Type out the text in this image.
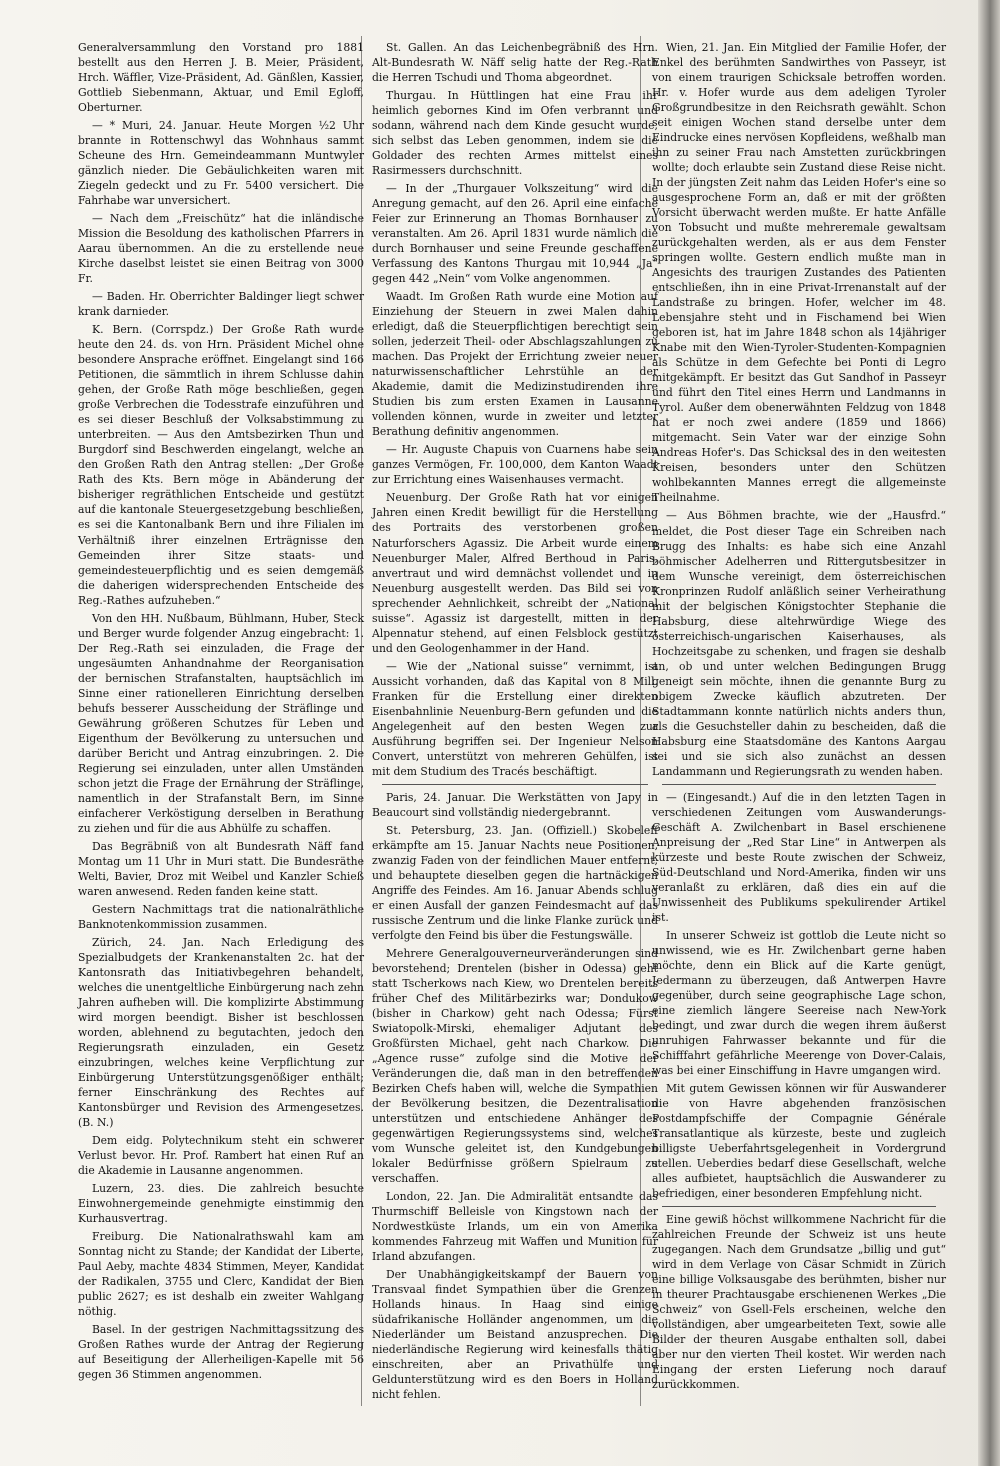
Generalversammlung den Vorstand pro 1881 bestellt aus den Herren J. B. Meier, Präsident, Hrch. Wäffler, Vize-Präsident, Ad. Gänßlen, Kassier, Gottlieb Siebenmann, Aktuar, und Emil Egloff, Oberturner.

— * Muri, 24. Januar. Heute Morgen ½2 Uhr brannte in Rottenschwyl das Wohnhaus sammt Scheune des Hrn. Gemeindeammann Muntwyler gänzlich nieder. Die Gebäulichkeiten waren mit Ziegeln gedeckt und zu Fr. 5400 versichert. Die Fahrhabe war unversichert.

— Nach dem „Freischütz“ hat die inländische Mission die Besoldung des katholischen Pfarrers in Aarau übernommen. An die zu erstellende neue Kirche daselbst leistet sie einen Beitrag von 3000 Fr.

— Baden. Hr. Oberrichter Baldinger liegt schwer krank darnieder.

K. Bern. (Corrspdz.) Der Große Rath wurde heute den 24. ds. von Hrn. Präsident Michel ohne besondere Ansprache eröffnet. Eingelangt sind 166 Petitionen, die sämmtlich in ihrem Schlusse dahin gehen, der Große Rath möge beschließen, gegen große Verbrechen die Todesstrafe einzuführen und es sei dieser Beschluß der Volksabstimmung zu unterbreiten. — Aus den Amtsbezirken Thun und Burgdorf sind Beschwerden eingelangt, welche an den Großen Rath den Antrag stellen: „Der Große Rath des Kts. Bern möge in Abänderung der bisheriger regräthlichen Entscheide und gestützt auf die kantonale Steuergesetzgebung beschließen, es sei die Kantonalbank Bern und ihre Filialen im Verhältniß ihrer einzelnen Erträgnisse den Gemeinden ihrer Sitze staats- und gemeindesteuerpflichtig und es seien demgemäß die daherigen widersprechenden Entscheide des Reg.-Rathes aufzuheben.“

Von den HH. Nußbaum, Bühlmann, Huber, Steck und Berger wurde folgender Anzug eingebracht: 1. Der Reg.-Rath sei einzuladen, die Frage der ungesäumten Anhandnahme der Reorganisation der bernischen Strafanstalten, hauptsächlich im Sinne einer rationelleren Einrichtung derselben behufs besserer Ausscheidung der Sträflinge und Gewährung größeren Schutzes für Leben und Eigenthum der Bevölkerung zu untersuchen und darüber Bericht und Antrag einzubringen. 2. Die Regierung sei einzuladen, unter allen Umständen schon jetzt die Frage der Ernährung der Sträflinge, namentlich in der Strafanstalt Bern, im Sinne einfacherer Verköstigung derselben in Berathung zu ziehen und für die aus Abhülfe zu schaffen.

Das Begräbniß von alt Bundesrath Näff fand Montag um 11 Uhr in Muri statt. Die Bundesräthe Welti, Bavier, Droz mit Weibel und Kanzler Schieß waren anwesend. Reden fanden keine statt.

Gestern Nachmittags trat die nationalräthliche Banknotenkommission zusammen.

Zürich, 24. Jan. Nach Erledigung des Spezialbudgets der Krankenanstalten 2c. hat der Kantonsrath das Initiativbegehren behandelt, welches die unentgeltliche Einbürgerung nach zehn Jahren aufheben will. Die komplizirte Abstimmung wird morgen beendigt. Bisher ist beschlossen worden, ablehnend zu begutachten, jedoch den Regierungsrath einzuladen, ein Gesetz einzubringen, welches keine Verpflichtung zur Einbürgerung Unterstützungsgenößiger enthält; ferner Einschränkung des Rechtes auf Kantonsbürger und Revision des Armengesetzes. (B. N.)

Dem eidg. Polytechnikum steht ein schwerer Verlust bevor. Hr. Prof. Rambert hat einen Ruf an die Akademie in Lausanne angenommen.

Luzern, 23. dies. Die zahlreich besuchte Einwohnergemeinde genehmigte einstimmig den Kurhausvertrag.

Freiburg. Die Nationalrathswahl kam am Sonntag nicht zu Stande; der Kandidat der Liberte, Paul Aeby, machte 4834 Stimmen, Meyer, Kandidat der Radikalen, 3755 und Clerc, Kandidat der Bien public 2627; es ist deshalb ein zweiter Wahlgang nöthig.

Basel. In der gestrigen Nachmittagssitzung des Großen Rathes wurde der Antrag der Regierung auf Beseitigung der Allerheiligen-Kapelle mit 56 gegen 36 Stimmen angenommen.

St. Gallen. An das Leichenbegräbniß des Hrn. Alt-Bundesrath W. Näff selig hatte der Reg.-Rath die Herren Tschudi und Thoma abgeordnet.

Thurgau. In Hüttlingen hat eine Frau ihr heimlich gebornes Kind im Ofen verbrannt und sodann, während nach dem Kinde gesucht wurde, sich selbst das Leben genommen, indem sie die Goldader des rechten Armes mittelst eines Rasirmessers durchschnitt.

— In der „Thurgauer Volkszeitung“ wird die Anregung gemacht, auf den 26. April eine einfache Feier zur Erinnerung an Thomas Bornhauser zu veranstalten. Am 26. April 1831 wurde nämlich die durch Bornhauser und seine Freunde geschaffene Verfassung des Kantons Thurgau mit 10,944 „Ja“ gegen 442 „Nein“ vom Volke angenommen.

Waadt. Im Großen Rath wurde eine Motion auf Einziehung der Steuern in zwei Malen dahin erledigt, daß die Steuerpflichtigen berechtigt sein sollen, jederzeit Theil- oder Abschlagszahlungen zu machen. Das Projekt der Errichtung zweier neuer naturwissenschaftlicher Lehrstühle an der Akademie, damit die Medizinstudirenden ihre Studien bis zum ersten Examen in Lausanne vollenden können, wurde in zweiter und letzter Berathung definitiv angenommen.

— Hr. Auguste Chapuis von Cuarnens habe sein ganzes Vermögen, Fr. 100,000, dem Kanton Waadt zur Errichtung eines Waisenhauses vermacht.

Neuenburg. Der Große Rath hat vor einigen Jahren einen Kredit bewilligt für die Herstellung des Portraits des verstorbenen großen Naturforschers Agassiz. Die Arbeit wurde einem Neuenburger Maler, Alfred Berthoud in Paris, anvertraut und wird demnächst vollendet und in Neuenburg ausgestellt werden. Das Bild sei von sprechender Aehnlichkeit, schreibt der „National suisse“. Agassiz ist dargestellt, mitten in der Alpennatur stehend, auf einen Felsblock gestützt und den Geologenhammer in der Hand.

— Wie der „National suisse“ vernimmt, ist Aussicht vorhanden, daß das Kapital von 8 Mill. Franken für die Erstellung einer direkten Eisenbahnlinie Neuenburg-Bern gefunden und die Angelegenheit auf den besten Wegen zur Ausführung begriffen sei. Der Ingenieur Nelson Convert, unterstützt von mehreren Gehülfen, ist mit dem Studium des Tracés beschäftigt.

Paris, 24. Januar. Die Werkstätten von Japy in Beaucourt sind vollständig niedergebrannt.

St. Petersburg, 23. Jan. (Offiziell.) Skobeleff erkämpfte am 15. Januar Nachts neue Positionen, zwanzig Faden von der feindlichen Mauer entfernt, und behauptete dieselben gegen die hartnäckigen Angriffe des Feindes. Am 16. Januar Abends schlug er einen Ausfall der ganzen Feindesmacht auf das russische Zentrum und die linke Flanke zurück und verfolgte den Feind bis über die Festungswälle.

Mehrere Generalgouverneurveränderungen sind bevorstehend; Drentelen (bisher in Odessa) geht statt Tscherkows nach Kiew, wo Drentelen bereits früher Chef des Militärbezirks war; Dondukow (bisher in Charkow) geht nach Odessa; Fürst Swiatopolk-Mirski, ehemaliger Adjutant des Großfürsten Michael, geht nach Charkow. Die „Agence russe“ zufolge sind die Motive der Veränderungen die, daß man in den betreffenden Bezirken Chefs haben will, welche die Sympathien der Bevölkerung besitzen, die Dezentralisation unterstützen und entschiedene Anhänger des gegenwärtigen Regierungssystems sind, welches vom Wunsche geleitet ist, den Kundgebungen lokaler Bedürfnisse größern Spielraum zu verschaffen.

London, 22. Jan. Die Admiralität entsandte das Thurmschiff Belleisle von Kingstown nach der Nordwestküste Irlands, um ein von Amerika kommendes Fahrzeug mit Waffen und Munition für Irland abzufangen.

Der Unabhängigkeitskampf der Bauern von Transvaal findet Sympathien über die Grenzen Hollands hinaus. In Haag sind einige südafrikanische Holländer angenommen, um die Niederländer um Beistand anzusprechen. Die niederländische Regierung wird keinesfalls thätig einschreiten, aber an Privathülfe und Geldunterstützung wird es den Boers in Holland nicht fehlen.

Wien, 21. Jan. Ein Mitglied der Familie Hofer, der Enkel des berühmten Sandwirthes von Passeyr, ist von einem traurigen Schicksale betroffen worden. Hr. v. Hofer wurde aus dem adeligen Tyroler Großgrundbesitze in den Reichsrath gewählt. Schon seit einigen Wochen stand derselbe unter dem Eindrucke eines nervösen Kopfleidens, weßhalb man ihn zu seiner Frau nach Amstetten zurückbringen wollte; doch erlaubte sein Zustand diese Reise nicht. In der jüngsten Zeit nahm das Leiden Hofer's eine so ausgesprochene Form an, daß er mit der größten Vorsicht überwacht werden mußte. Er hatte Anfälle von Tobsucht und mußte mehreremale gewaltsam zurückgehalten werden, als er aus dem Fenster springen wollte. Gestern endlich mußte man in Angesichts des traurigen Zustandes des Patienten entschließen, ihn in eine Privat-Irrenanstalt auf der Landstraße zu bringen. Hofer, welcher im 48. Lebensjahre steht und in Fischamend bei Wien geboren ist, hat im Jahre 1848 schon als 14jähriger Knabe mit den Wien-Tyroler-Studenten-Kompagnien als Schütze in dem Gefechte bei Ponti di Legro mitgekämpft. Er besitzt das Gut Sandhof in Passeyr und führt den Titel eines Herrn und Landmanns in Tyrol. Außer dem obenerwähnten Feldzug von 1848 hat er noch zwei andere (1859 und 1866) mitgemacht. Sein Vater war der einzige Sohn Andreas Hofer's. Das Schicksal des in den weitesten Kreisen, besonders unter den Schützen wohlbekannten Mannes erregt die allgemeinste Theilnahme.

— Aus Böhmen brachte, wie der „Hausfrd.“ meldet, die Post dieser Tage ein Schreiben nach Brugg des Inhalts: es habe sich eine Anzahl böhmischer Adelherren und Rittergutsbesitzer in dem Wunsche vereinigt, dem österreichischen Kronprinzen Rudolf anläßlich seiner Verheirathung mit der belgischen Königstochter Stephanie die Habsburg, diese altehrwürdige Wiege des österreichisch-ungarischen Kaiserhauses, als Hochzeitsgabe zu schenken, und fragen sie deshalb an, ob und unter welchen Bedingungen Brugg geneigt sein möchte, ihnen die genannte Burg zu obigem Zwecke käuflich abzutreten. Der Stadtammann konnte natürlich nichts anders thun, als die Gesuchsteller dahin zu bescheiden, daß die Habsburg eine Staatsdomäne des Kantons Aargau sei und sie sich also zunächst an dessen Landammann und Regierungsrath zu wenden haben.

— (Eingesandt.) Auf die in den letzten Tagen in verschiedenen Zeitungen vom Auswanderungs-Geschäft A. Zwilchenbart in Basel erschienene Anpreisung der „Red Star Line“ in Antwerpen als kürzeste und beste Route zwischen der Schweiz, Süd-Deutschland und Nord-Amerika, finden wir uns veranlaßt zu erklären, daß dies ein auf die Unwissenheit des Publikums spekulirender Artikel ist.

In unserer Schweiz ist gottlob die Leute nicht so unwissend, wie es Hr. Zwilchenbart gerne haben möchte, denn ein Blick auf die Karte genügt, Jedermann zu überzeugen, daß Antwerpen Havre gegenüber, durch seine geographische Lage schon, eine ziemlich längere Seereise nach New-York bedingt, und zwar durch die wegen ihrem äußerst unruhigen Fahrwasser bekannte und für die Schifffahrt gefährliche Meerenge von Dover-Calais, was bei einer Einschiffung in Havre umgangen wird.

Mit gutem Gewissen können wir für Auswanderer die von Havre abgehenden französischen Postdampfschiffe der Compagnie Générale Transatlantique als kürzeste, beste und zugleich billigste Ueberfahrtsgelegenheit in Vordergrund stellen. Ueberdies bedarf diese Gesellschaft, welche alles aufbietet, hauptsächlich die Auswanderer zu befriedigen, einer besonderen Empfehlung nicht.

Eine gewiß höchst willkommene Nachricht für die zahlreichen Freunde der Schweiz ist uns heute zugegangen. Nach dem Grundsatze „billig und gut“ wird in dem Verlage von Cäsar Schmidt in Zürich eine billige Volksausgabe des berühmten, bisher nur in theurer Prachtausgabe erschienenen Werkes „Die Schweiz“ von Gsell-Fels erscheinen, welche den vollständigen, aber umgearbeiteten Text, sowie alle Bilder der theuren Ausgabe enthalten soll, dabei aber nur den vierten Theil kostet. Wir werden nach Eingang der ersten Lieferung noch darauf zurückkommen.
